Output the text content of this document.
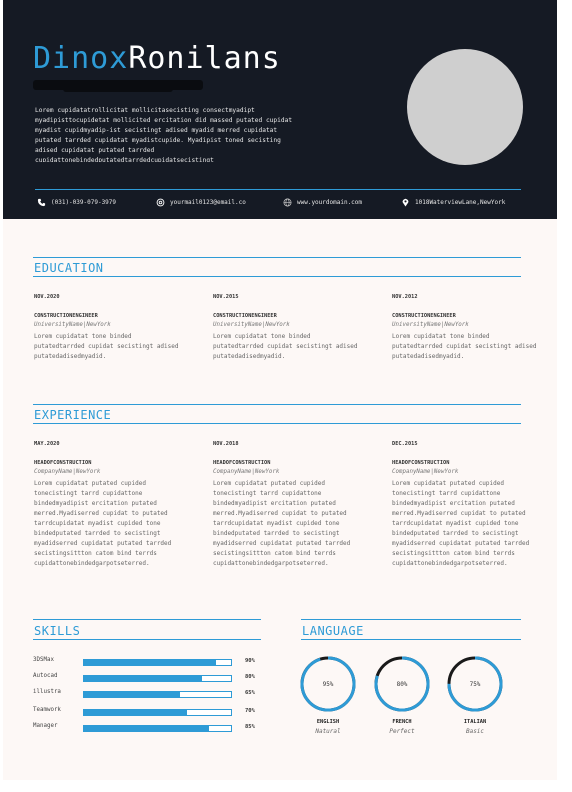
DinoxRonilans
Lorem cupidatatrollicitat mollicitasecisting consectmyadipt myadipisttocupidetat mollicited ercitation did massed putated cupidat myadist cupidmyadip-ist secistingt adised myadid merred cupidatat putated tarrded cupidatat myadistcupide. Myadipist toned secisting adised cupidatat putated tarrded cupidattonebindedputatedtarrdedcupidatsecistingt
(031)-039-079-3979	yourmail0123@email.co	www.yourdomain.com	1018WaterviewLane,NewYork
EDUCATION
NOV.2020
CONSTRUCTIONENGINEER
UniversityName|NewYork
Lorem cupidatat tone binded putatedtarrded cupidat secistingt adised putatedadisedmyadid.
NOV.2015
CONSTRUCTIONENGINEER
UniversityName|NewYork
Lorem cupidatat tone binded putatedtarrded cupidat secistingt adised putatedadisedmyadid.
NOV.2012
CONSTRUCTIONENGINEER
UniversityName|NewYork
Lorem cupidatat tone binded putatedtarrded cupidat secistingt adised putatedadisedmyadid.
EXPERIENCE
MAY.2020
HEADOFCONSTRUCTION
CompanyName|NewYork
Lorem cupidatat putated cupided tonecistingt tarrd cupidattone bindedmyadipist ercitation putated merred.Myadiserred cupidat to putated tarrdcupidatat myadist cupided tone bindedputated tarrded to secistingt myadidserred cupidatat putated tarrded secistingsittton catom bind terrds cupidattonebindedgarpotseterred.
NOV.2018
HEADOFCONSTRUCTION
CompanyName|NewYork
Lorem cupidatat putated cupided tonecistingt tarrd cupidattone bindedmyadipist ercitation putated merred.Myadiserred cupidat to putated tarrdcupidatat myadist cupided tone bindedputated tarrded to secistingt myadidserred cupidatat putated tarrded secistingsittton catom bind terrds cupidattonebindedgarpotseterred.
DEC.2015
HEADOFCONSTRUCTION
CompanyName|NewYork
Lorem cupidatat putated cupided tonecistingt tarrd cupidattone bindedmyadipist ercitation putated merred.Myadiserred cupidat to putated tarrdcupidatat myadist cupided tone bindedputated tarrded to secistingt myadidserred cupidatat putated tarrded secistingsittton catom bind terrds cupidattonebindedgarpotseterred.
SKILLS
3DSMax	90%
Autocad	80%
illustra	65%
Teamwork	70%
Manager	85%
LANGUAGE
95%
ENGLISH
Natural
80%
FRENCH
Perfect
75%
ITALIAN
Basic
